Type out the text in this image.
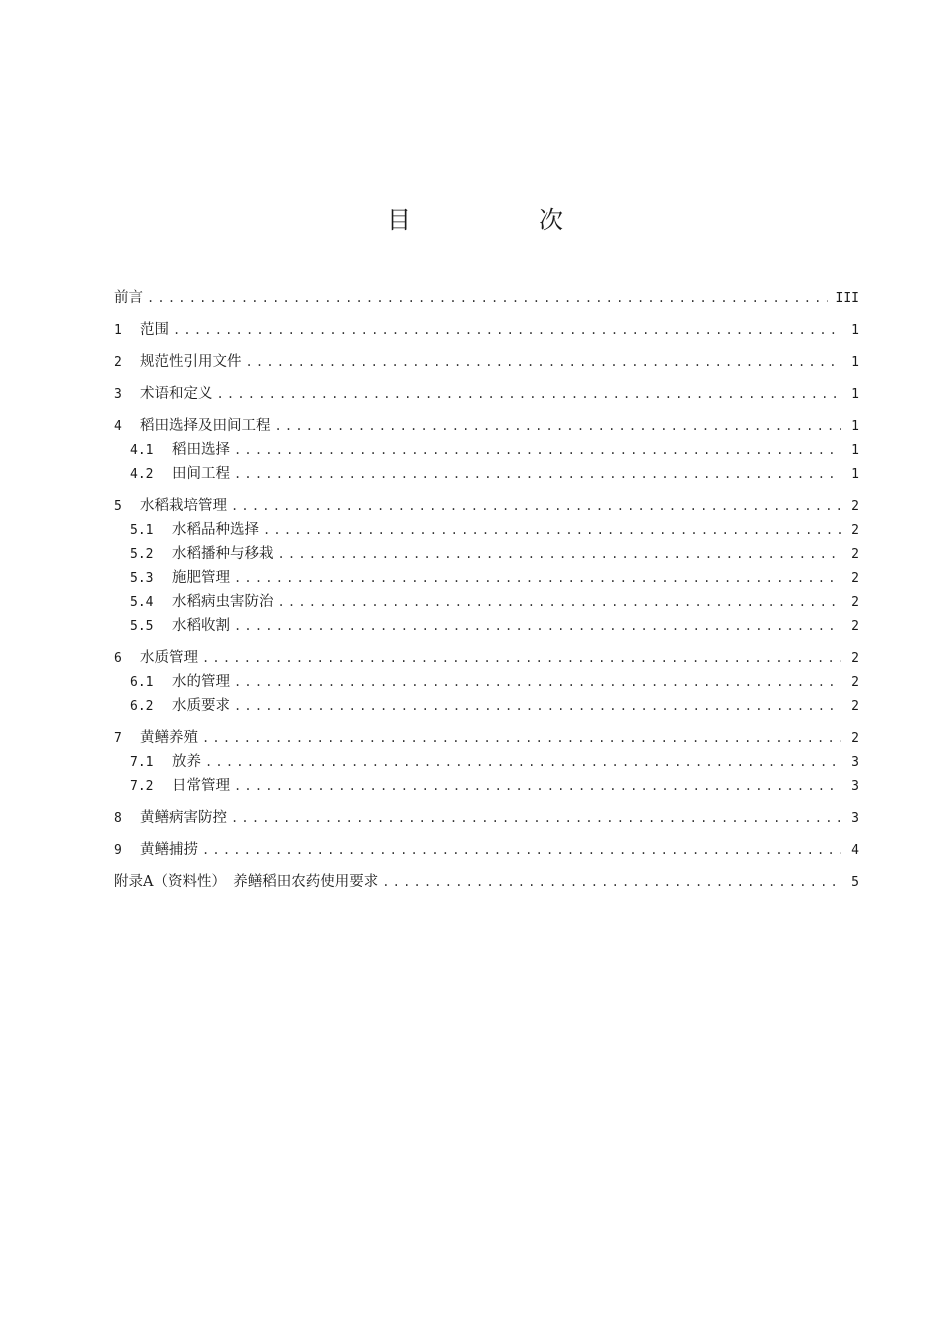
目　次
前言 .....	III
1	范围 .....	1
2	规范性引用文件 .....	1
3	术语和定义 .....	1
4	稻田选择及田间工程 .....	1
4.1	稻田选择 .....	1
4.2	田间工程 .....	1
5	水稻栽培管理 .....	2
5.1	水稻品种选择 .....	2
5.2	水稻播种与移栽 .....	2
5.3	施肥管理 .....	2
5.4	水稻病虫害防治 .....	2
5.5	水稻收割 .....	2
6	水质管理 .....	2
6.1	水的管理 .....	2
6.2	水质要求 .....	2
7	黄鳝养殖 .....	2
7.1	放养 .....	3
7.2	日常管理 .....	3
8	黄鳝病害防控 .....	3
9	黄鳝捕捞 .....	4
附录A（资料性）　养鳝稻田农药使用要求 .....	5
